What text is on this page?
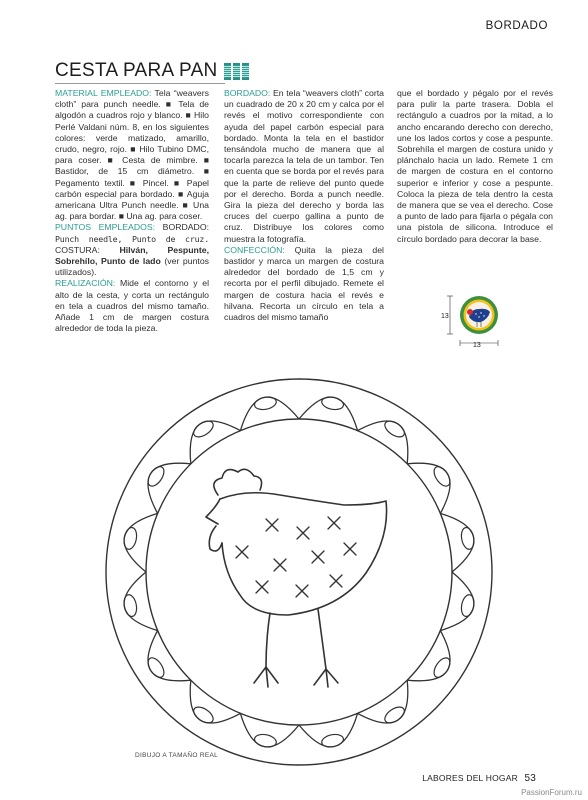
BORDADO
CESTA PARA PAN

MATERIAL EMPLEADO: Tela “weavers cloth” para punch needle. ■ Tela de algodón a cuadros rojo y blanco. ■ Hilo Perlé Valdani núm. 8, en los siguientes colores: verde matizado, amarillo, crudo, negro, rojo. ■ Hilo Tubino DMC, para coser. ■ Cesta de mimbre. ■ Bastidor, de 15 cm diámetro. ■ Pegamento textil. ■ Pincel. ■ Papel carbón especial para bordado. ■ Aguja americana Ultra Punch needle. ■ Una ag. para bordar. ■ Una ag. para coser.

PUNTOS EMPLEADOS: BORDADO: Punch needle, Punto de cruz. COSTURA: Hilván, Pespunte, Sobrehílo, Punto de lado (ver puntos utilizados).

REALIZACIÓN: Mide el contorno y el alto de la cesta, y corta un rectángulo en tela a cuadros del mismo tamaño. Añade 1 cm de margen costura alrededor de toda la pieza.

BORDADO: En tela “weavers cloth” corta un cuadrado de 20 x 20 cm y calca por el revés el motivo correspondiente con ayuda del papel carbón especial para bordado. Monta la tela en el bastidor tensándola mucho de manera que al tocarla parezca la tela de un tambor. Ten en cuenta que se borda por el revés para que la parte de relieve del punto quede por el derecho. Borda a punch needle. Gira la pieza del derecho y borda las cruces del cuerpo gallina a punto de cruz. Distribuye los colores como muestra la fotografía.

CONFECCIÓN: Quita la pieza del bastidor y marca un margen de costura alrededor del bordado de 1,5 cm y recorta por el perfil dibujado. Remete el margen de costura hacia el revés e hilvana. Recorta un círculo en tela a cuadros del mismo tamaño

que el bordado y pégalo por el revés para pulir la parte trasera. Dobla el rectángulo a cuadros por la mitad, a lo ancho encarando derecho con derecho, une los lados cortos y cose a pespunte. Sobrehíla el margen de costura unido y plánchalo hacia un lado. Remete 1 cm de margen de costura en el contorno superior e inferior y cose a pespunte. Coloca la pieza de tela dentro la cesta de manera que se vea el derecho. Cose a punto de lado para fijarla o pégala con una pistola de silicona. Introduce el círculo bordado para decorar la base.

13
13
DIBUJO A TAMAÑO REAL
LABORES DEL HOGAR 53
PassionForum.ru
